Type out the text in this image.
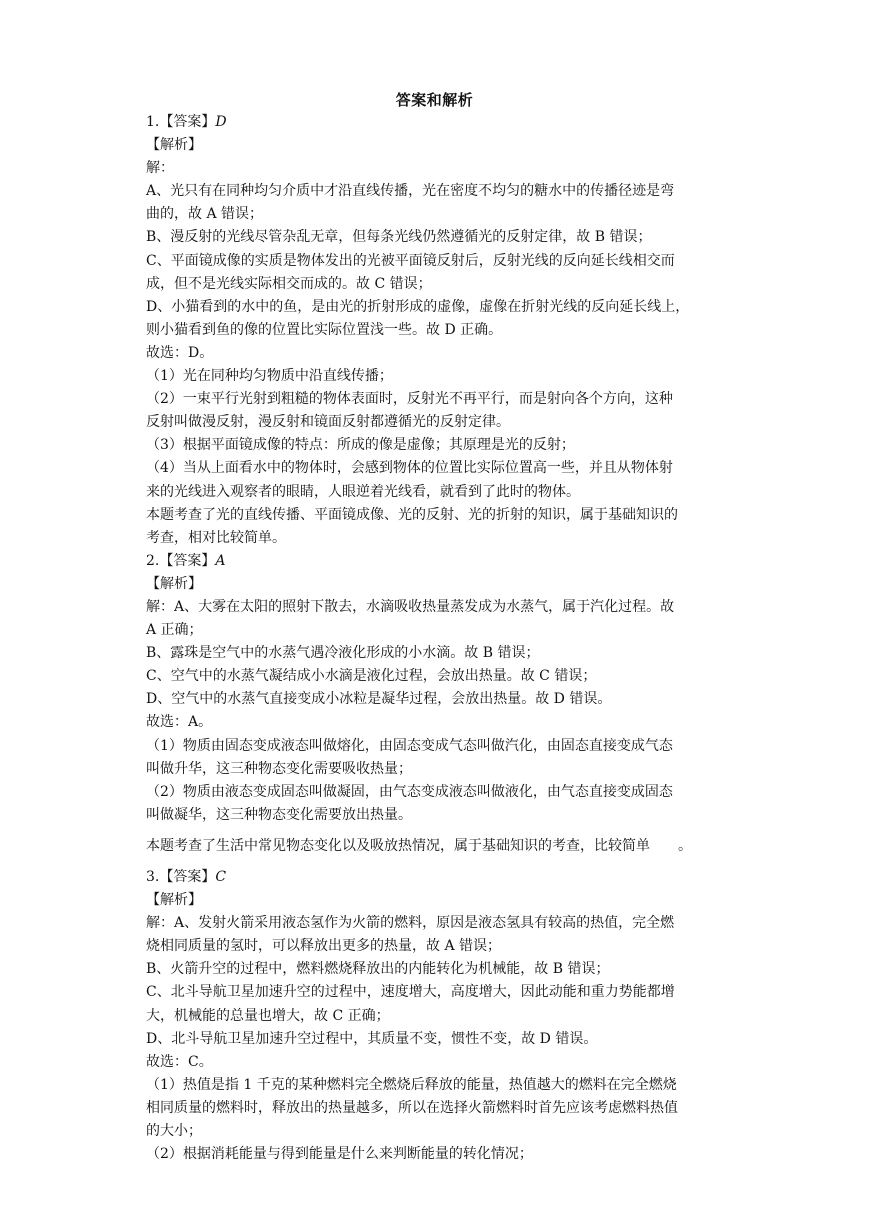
答案和解析
1.【答案】D
【解析】
解：
A、光只有在同种均匀介质中才沿直线传播，光在密度不均匀的糖水中的传播径迹是弯
曲的，故 A 错误；
B、漫反射的光线尽管杂乱无章，但每条光线仍然遵循光的反射定律，故 B 错误；
C、平面镜成像的实质是物体发出的光被平面镜反射后，反射光线的反向延长线相交而
成，但不是光线实际相交而成的。故 C 错误；
D、小猫看到的水中的鱼，是由光的折射形成的虚像，虚像在折射光线的反向延长线上，
则小猫看到鱼的像的位置比实际位置浅一些。故 D 正确。
故选：D。
（1）光在同种均匀物质中沿直线传播；
（2）一束平行光射到粗糙的物体表面时，反射光不再平行，而是射向各个方向，这种
反射叫做漫反射，漫反射和镜面反射都遵循光的反射定律。
（3）根据平面镜成像的特点：所成的像是虚像；其原理是光的反射；
（4）当从上面看水中的物体时，会感到物体的位置比实际位置高一些，并且从物体射
来的光线进入观察者的眼睛，人眼逆着光线看，就看到了此时的物体。
本题考查了光的直线传播、平面镜成像、光的反射、光的折射的知识，属于基础知识的
考查，相对比较简单。
2.【答案】A
【解析】
解：A、大雾在太阳的照射下散去，水滴吸收热量蒸发成为水蒸气，属于汽化过程。故
A 正确；
B、露珠是空气中的水蒸气遇冷液化形成的小水滴。故 B 错误；
C、空气中的水蒸气凝结成小水滴是液化过程，会放出热量。故 C 错误；
D、空气中的水蒸气直接变成小冰粒是凝华过程，会放出热量。故 D 错误。
故选：A。
（1）物质由固态变成液态叫做熔化，由固态变成气态叫做汽化，由固态直接变成气态
叫做升华，这三种物态变化需要吸收热量；
（2）物质由液态变成固态叫做凝固，由气态变成液态叫做液化，由气态直接变成固态
叫做凝华，这三种物态变化需要放出热量。
本题考查了生活中常见物态变化以及吸放热情况，属于基础知识的考查，比较简单　　。
3.【答案】C
【解析】
解：A、发射火箭采用液态氢作为火箭的燃料，原因是液态氢具有较高的热值，完全燃
烧相同质量的氢时，可以释放出更多的热量，故 A 错误；
B、火箭升空的过程中，燃料燃烧释放出的内能转化为机械能，故 B 错误；
C、北斗导航卫星加速升空的过程中，速度增大，高度增大，因此动能和重力势能都增
大，机械能的总量也增大，故 C 正确；
D、北斗导航卫星加速升空过程中，其质量不变，惯性不变，故 D 错误。
故选：C。
（1）热值是指 1 千克的某种燃料完全燃烧后释放的能量，热值越大的燃料在完全燃烧
相同质量的燃料时，释放出的热量越多，所以在选择火箭燃料时首先应该考虑燃料热值
的大小；
（2）根据消耗能量与得到能量是什么来判断能量的转化情况；
